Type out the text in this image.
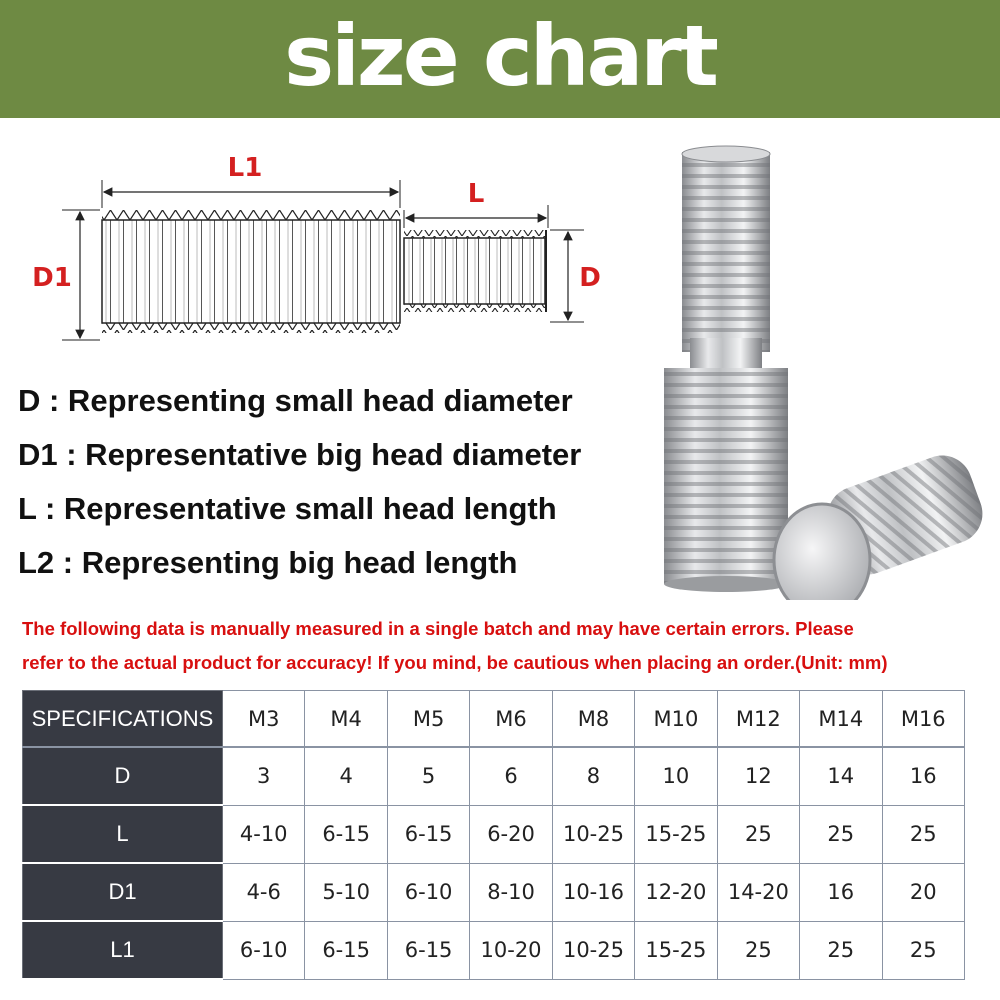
size chart
L1
L
D1	D
D : Representing small head diameter
D1 : Representative big head diameter
L : Representative small head length
L2 : Representing big head length
The following data is manually measured in a single batch and may have certain errors. Please
refer to the actual product for accuracy! If you mind, be cautious when placing an order.(Unit: mm)
SPECIFICATIONS	M3	M4	M5	M6	M8	M10	M12	M14	M16
D	3	4	5	6	8	10	12	14	16
L	4-10	6-15	6-15	6-20	10-25	15-25	25	25	25
D1	4-6	5-10	6-10	8-10	10-16	12-20	14-20	16	20
L1	6-10	6-15	6-15	10-20	10-25	15-25	25	25	25
